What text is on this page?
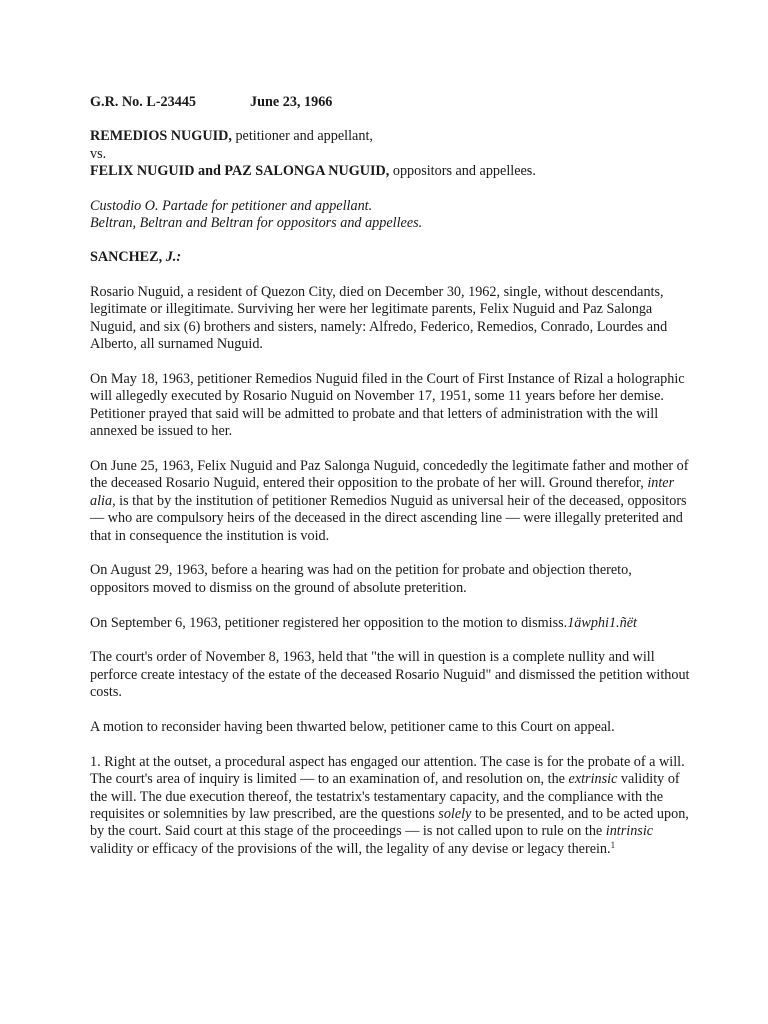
G.R. No. L-23445	June 23, 1966

REMEDIOS NUGUID, petitioner and appellant,

vs.

FELIX NUGUID and PAZ SALONGA NUGUID, oppositors and appellees.

Custodio O. Partade for petitioner and appellant.

Beltran, Beltran and Beltran for oppositors and appellees.

SANCHEZ, J.:

Rosario Nuguid, a resident of Quezon City, died on December 30, 1962, single, without descendants, legitimate or illegitimate. Surviving her were her legitimate parents, Felix Nuguid and Paz Salonga Nuguid, and six (6) brothers and sisters, namely: Alfredo, Federico, Remedios, Conrado, Lourdes and Alberto, all surnamed Nuguid.

On May 18, 1963, petitioner Remedios Nuguid filed in the Court of First Instance of Rizal a holographic will allegedly executed by Rosario Nuguid on November 17, 1951, some 11 years before her demise. Petitioner prayed that said will be admitted to probate and that letters of administration with the will annexed be issued to her.

On June 25, 1963, Felix Nuguid and Paz Salonga Nuguid, concededly the legitimate father and mother of the deceased Rosario Nuguid, entered their opposition to the probate of her will. Ground therefor, inter alia, is that by the institution of petitioner Remedios Nuguid as universal heir of the deceased, oppositors — who are compulsory heirs of the deceased in the direct ascending line — were illegally preterited and that in consequence the institution is void.

On August 29, 1963, before a hearing was had on the petition for probate and objection thereto, oppositors moved to dismiss on the ground of absolute preterition.

On September 6, 1963, petitioner registered her opposition to the motion to dismiss.1äwphi1.ñët

The court's order of November 8, 1963, held that "the will in question is a complete nullity and will perforce create intestacy of the estate of the deceased Rosario Nuguid" and dismissed the petition without costs.

A motion to reconsider having been thwarted below, petitioner came to this Court on appeal.

1. Right at the outset, a procedural aspect has engaged our attention. The case is for the probate of a will. The court's area of inquiry is limited — to an examination of, and resolution on, the extrinsic validity of the will. The due execution thereof, the testatrix's testamentary capacity, and the compliance with the requisites or solemnities by law prescribed, are the questions solely to be presented, and to be acted upon, by the court. Said court at this stage of the proceedings — is not called upon to rule on the intrinsic validity or efficacy of the provisions of the will, the legality of any devise or legacy therein.$^1$
